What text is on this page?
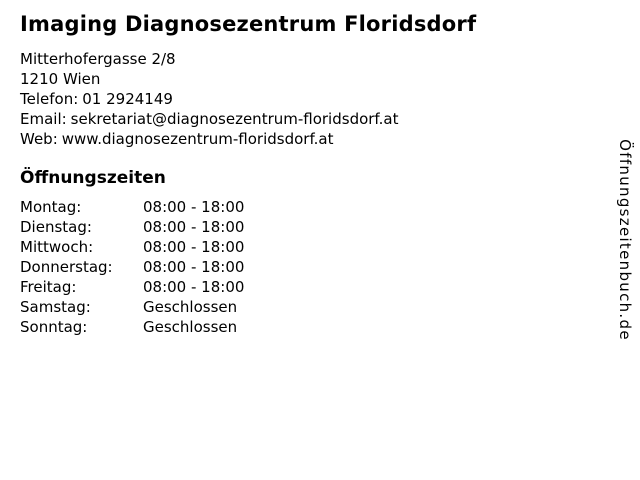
Imaging Diagnosezentrum Floridsdorf
Mitterhofergasse 2/8
1210 Wien
Telefon: 01 2924149
Email: sekretariat@diagnosezentrum-floridsdorf.at
Web: www.diagnosezentrum-floridsdorf.at
Öffnungszeiten
Montag:	08:00 - 18:00
Dienstag:	08:00 - 18:00
Mittwoch:	08:00 - 18:00
Donnerstag:	08:00 - 18:00
Freitag:	08:00 - 18:00
Samstag:	Geschlossen
Sonntag:	Geschlossen	Öffnungszeitenbuch.de
